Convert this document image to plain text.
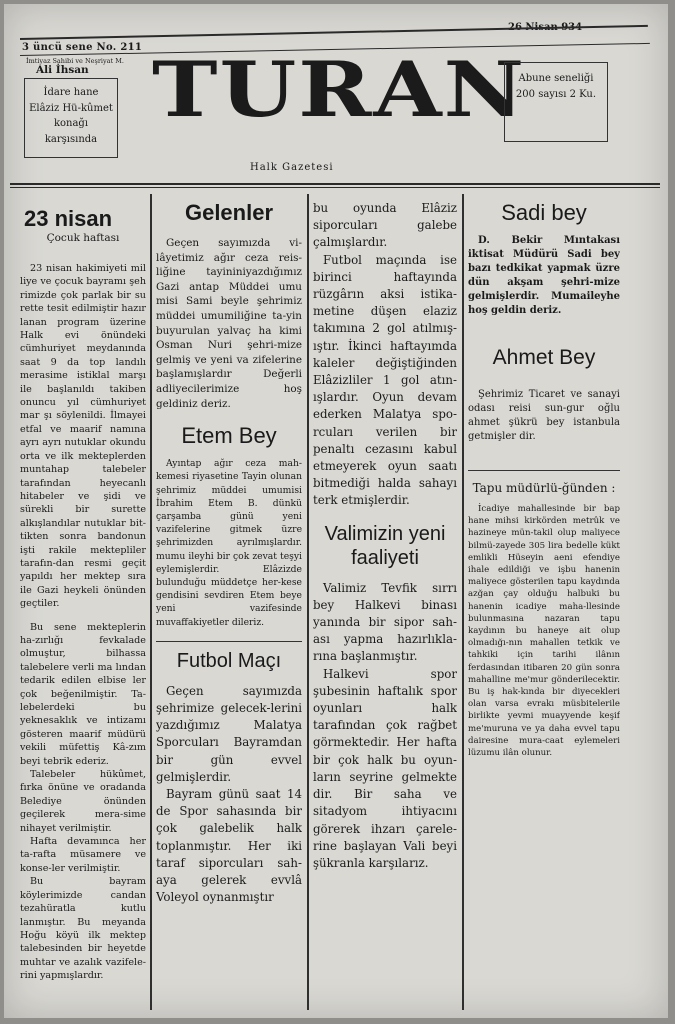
3 üncü sene No. 211
İmtiyaz Sahibi ve Neşriyat M.
Ali İhsan
İdare hane Elâziz Hü-kûmet konağı karşısında
TURAN
Abune seneliği 200 sayısı 2 Ku.
Halk Gazetesi
23 nisan
Çocuk haftası

23 nisan hakimiyeti mil liye ve çocuk bayramı şeh rimizde çok parlak bir su rette tesit edilmiştir hazır lanan program üzerine Halk evi önündeki cümhuriyet meydanında saat 9 da top landılı merasime istiklal marşı ile başlanıldı takiben onuncu yıl cümhuriyet mar şı söylenildi. İlmayei etfal ve maarif namına ayrı ayrı nutuklar okundu orta ve ilk mekteplerden muntahap talebeler tarafından heyecanlı hitabeler ve şidi ve sürekli bir surette alkışlandılar nutuklar bit-tikten sonra bandonun işti rakile mektepliler tarafın-dan resmi geçit yapıldı her mektep sıra ile Gazi heykeli önünden geçtiler.

Bu sene mekteplerin ha-zırlığı fevkalade olmuştur, bilhassa talebelere verli ma lından tedarik edilen elbise ler çok beğenilmiştir. Ta-lebelerdeki bu yeknesaklık ve intizamı gösteren maarif müdürü vekili müfettiş Kâ-zım beyi tebrik ederiz.

Talebeler hükûmet, fırka önüne ve oradanda Belediye önünden geçilerek mera-sime nihayet verilmiştir.

Hafta devamınca her ta-rafta müsamere ve konse-ler verilmiştir.

Bu bayram köylerimizde candan tezahüratla kutlu lanmıştır. Bu meyanda Hoğu köyü ilk mektep talebesinden bir heyetde muhtar ve azalık vazifele-rini yapmışlardır.

Gelenler

Geçen sayımızda vi-lâyetimiz ağır ceza reis-liğine tayininiyazdığımız Gazi antap Müddei umu misi Sami beyle şehrimiz müddei umumiliğine ta-yin buyurulan yalvaç ha kimi Osman Nuri şehri-mize gelmiş ve yeni va zifelerine başlamışlardır Değerli adliyecilerimize hoş geldiniz deriz.

Etem Bey

Ayıntap ağır ceza mah-kemesi riyasetine Tayin olunan şehrimiz müddei umumisi İbrahim Etem B. dünkü çarşamba günü yeni vazifelerine gitmek üzre şehrimizden ayrılmışlardır. mumu ileyhi bir çok zevat teşyi eylemişlerdir. Elâzizde bulunduğu müddetçe her-kese gendisini sevdiren Etem beye yeni vazifesinde muvaffakiyetler dileriz.

Futbol Maçı

Geçen sayımızda şehrimize gelecek-lerini yazdığımız Malatya Sporcuları Bayramdan bir gün evvel gelmişlerdir.

Bayram günü saat 14 de Spor sahasında bir çok galebelik halk toplanmıştır. Her iki taraf siporcuları sah-aya gelerek evvlâ Voleyol oynanmıştır

bu oyunda Elâziz siporcuları galebe çalmışlardır.

Futbol maçında ise birinci haftayında rüzgârın aksi istika-metine düşen elaziz takımına 2 gol atılmış-ıştır. İkinci haftayımda kaleler değiştiğinden Elâzizliler 1 gol atın-ışlardır. Oyun devam ederken Malatya spo-rcuları verilen bir penaltı cezasını kabul etmeyerek oyun saatı bitmediği halda sahayı terk etmişlerdir.

Valimizin yeni faaliyeti

Valimiz Tevfik sırrı bey Halkevi binası yanında bir sipor sah-ası yapma hazırlıkla-rına başlanmıştır.

Halkevi spor şubesinin haftalık spor oyunları halk tarafından çok rağbet görmektedir. Her hafta bir çok halk bu oyun-ların seyrine gelmekte dir. Bir saha ve sitadyom ihtiyacını görerek ihzarı çarele-rine başlayan Vali beyi şükranla karşılarız.

Sadi bey

D. Bekir Mıntakası iktisat Müdürü Sadi bey bazı tedkikat yapmak üzre dün akşam şehri-mize gelmişlerdir. Mumaileyhe hoş geldin deriz.

Ahmet Bey

Şehrimiz Ticaret ve sanayi odası reisi sun-gur oğlu ahmet şükrü bey istanbula getmişler dir.

Tapu müdürlü-ğünden :

İcadiye mahallesinde bir bap hane mihsi kirkörden metrûk ve hazineye mün-takil olup maliyece bilmü-zayede 305 lira bedelle kükt emlikli Hüseyin aeni efendiye ihale edildiği ve işbu hanenin maliyece gösterilen tapu kaydında azğan çay olduğu halbuki bu hanenin icadiye maha-llesinde bulunmasına nazaran tapu kaydının bu haneye ait olup olmadığı-nın mahallen tetkik ve tahkiki için tarihi ilânın ferdasından itibaren 20 gün sonra mahalline me'mur gönderilecektir. Bu iş hak-kında bir diyecekleri olan varsa evrakı müsbitelerile birlikte yevmi muayyende keşif me'muruna ve ya daha evvel tapu dairesine mura-caat eylemeleri lüzumu ilân olunur.
